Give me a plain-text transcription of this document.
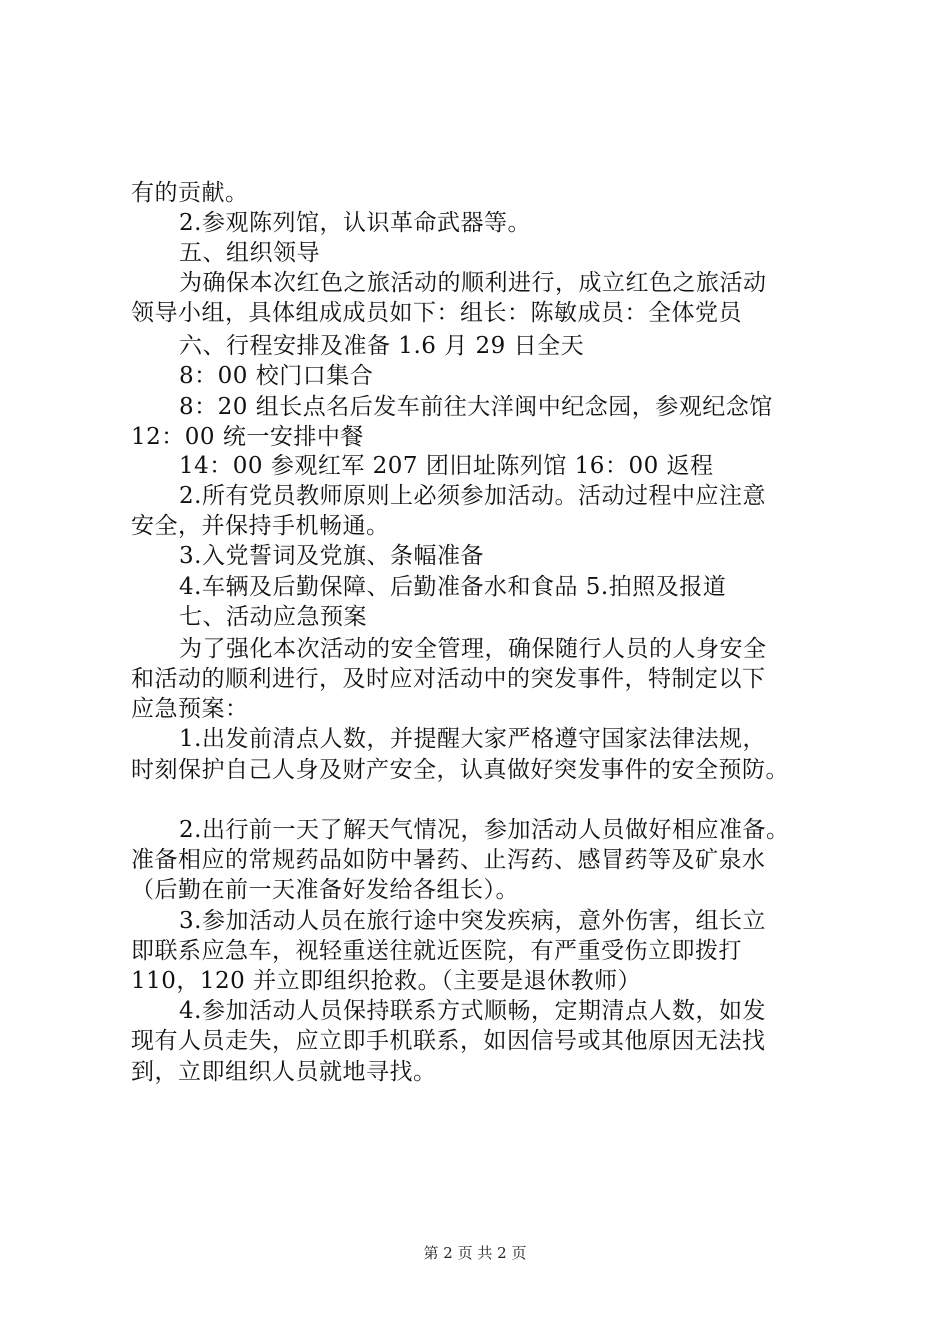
有的贡献。
2.参观陈列馆，认识革命武器等。
五、组织领导
为确保本次红色之旅活动的顺利进行，成立红色之旅活动
领导小组，具体组成成员如下：组长：陈敏成员：全体党员
六、行程安排及准备 1.6 月 29 日全天
8：00 校门口集合
8：20 组长点名后发车前往大洋闽中纪念园，参观纪念馆
12：00 统一安排中餐
14：00 参观红军 207 团旧址陈列馆 16：00 返程
2.所有党员教师原则上必须参加活动。活动过程中应注意
安全，并保持手机畅通。
3.入党誓词及党旗、条幅准备
4.车辆及后勤保障、后勤准备水和食品 5.拍照及报道
七、活动应急预案
为了强化本次活动的安全管理，确保随行人员的人身安全
和活动的顺利进行，及时应对活动中的突发事件，特制定以下
应急预案：
1.出发前清点人数，并提醒大家严格遵守国家法律法规，
时刻保护自己人身及财产安全，认真做好突发事件的安全预防。
2.出行前一天了解天气情况，参加活动人员做好相应准备。
准备相应的常规药品如防中暑药、止泻药、感冒药等及矿泉水
（后勤在前一天准备好发给各组长）。
3.参加活动人员在旅行途中突发疾病，意外伤害，组长立
即联系应急车，视轻重送往就近医院，有严重受伤立即拨打
110，120 并立即组织抢救。（主要是退休教师）
4.参加活动人员保持联系方式顺畅，定期清点人数，如发
现有人员走失，应立即手机联系，如因信号或其他原因无法找
到，立即组织人员就地寻找。
第 2 页 共 2 页
